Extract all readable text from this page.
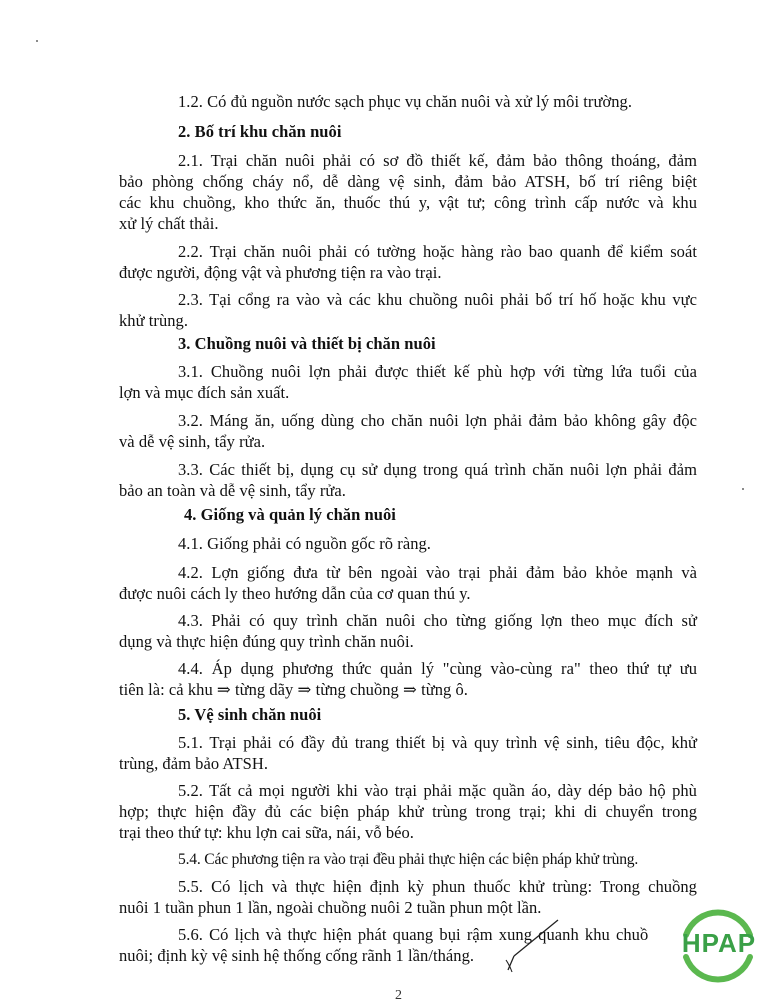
1.2. Có đủ nguồn nước sạch phục vụ chăn nuôi và xử lý môi trường.
2. Bố trí khu chăn nuôi
2.1. Trại chăn nuôi phải có sơ đồ thiết kế, đảm bảo thông thoáng, đảm
bảo phòng chống cháy nổ, dễ dàng vệ sinh, đảm bảo ATSH, bố trí riêng biệt
các khu chuồng, kho thức ăn, thuốc thú y, vật tư; công trình cấp nước và khu
xử lý chất thải.
2.2. Trại chăn nuôi phải có tường hoặc hàng rào bao quanh để kiểm soát
được người, động vật và phương tiện ra vào trại.
2.3. Tại cổng ra vào và các khu chuồng nuôi phải bố trí hố hoặc khu vực
khử trùng.
3. Chuồng nuôi và thiết bị chăn nuôi
3.1. Chuồng nuôi lợn phải được thiết kế phù hợp với từng lứa tuổi của
lợn và mục đích sản xuất.
3.2. Máng ăn, uống dùng cho chăn nuôi lợn phải đảm bảo không gây độc
và dễ vệ sinh, tẩy rửa.
3.3. Các thiết bị, dụng cụ sử dụng trong quá trình chăn nuôi lợn phải đảm
bảo an toàn và dễ vệ sinh, tẩy rửa.
4. Giống và quản lý chăn nuôi
4.1. Giống phải có nguồn gốc rõ ràng.
4.2. Lợn giống đưa từ bên ngoài vào trại phải đảm bảo khỏe mạnh và
được nuôi cách ly theo hướng dẫn của cơ quan thú y.
4.3. Phải có quy trình chăn nuôi cho từng giống lợn theo mục đích sử
dụng và thực hiện đúng quy trình chăn nuôi.
4.4. Áp dụng phương thức quản lý "cùng vào-cùng ra" theo thứ tự ưu
tiên là: cả khu ⇒ từng dãy ⇒ từng chuồng ⇒ từng ô.
5. Vệ sinh chăn nuôi
5.1. Trại phải có đầy đủ trang thiết bị và quy trình vệ sinh, tiêu độc, khử
trùng, đảm bảo ATSH.
5.2. Tất cả mọi người khi vào trại phải mặc quần áo, dày dép bảo hộ phù
hợp; thực hiện đầy đủ các biện pháp khử trùng trong trại; khi di chuyển trong
trại theo thứ tự: khu lợn cai sữa, nái, vỗ béo.
5.4. Các phương tiện ra vào trại đều phải thực hiện các biện pháp khử trùng.
5.5. Có lịch và thực hiện định kỳ phun thuốc khử trùng: Trong chuồng
nuôi 1 tuần phun 1 lần, ngoài chuồng nuôi 2 tuần phun một lần.
5.6. Có lịch và thực hiện phát quang bụi rậm xung quanh khu chuồ
nuôi; định kỳ vệ sinh hệ thống cống rãnh 1 lần/tháng.	HPAP
2
